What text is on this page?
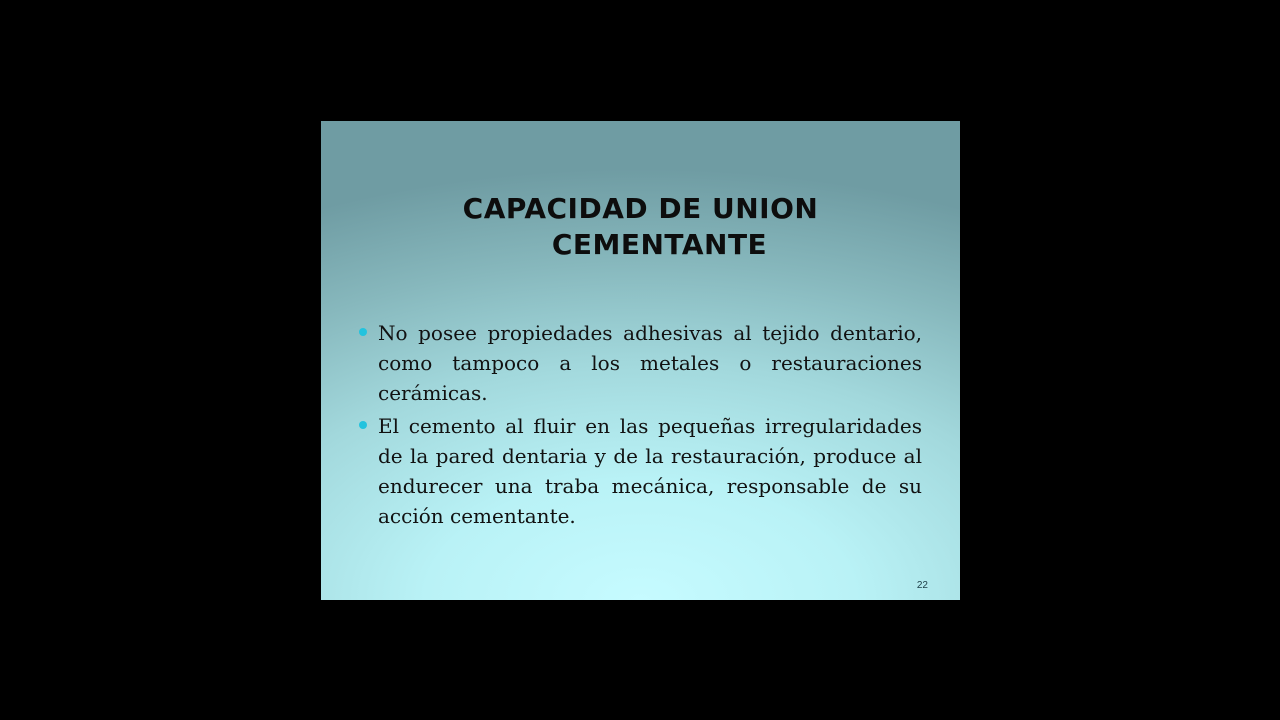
CAPACIDAD DE UNION
CEMENTANTE
No posee propiedades adhesivas al tejido dentario, como tampoco a los metales o restauraciones cerámicas.
El cemento al fluir en las pequeñas irregularidades de la pared dentaria y de la restauración, produce al endurecer una traba mecánica, responsable de su acción cementante.
22
